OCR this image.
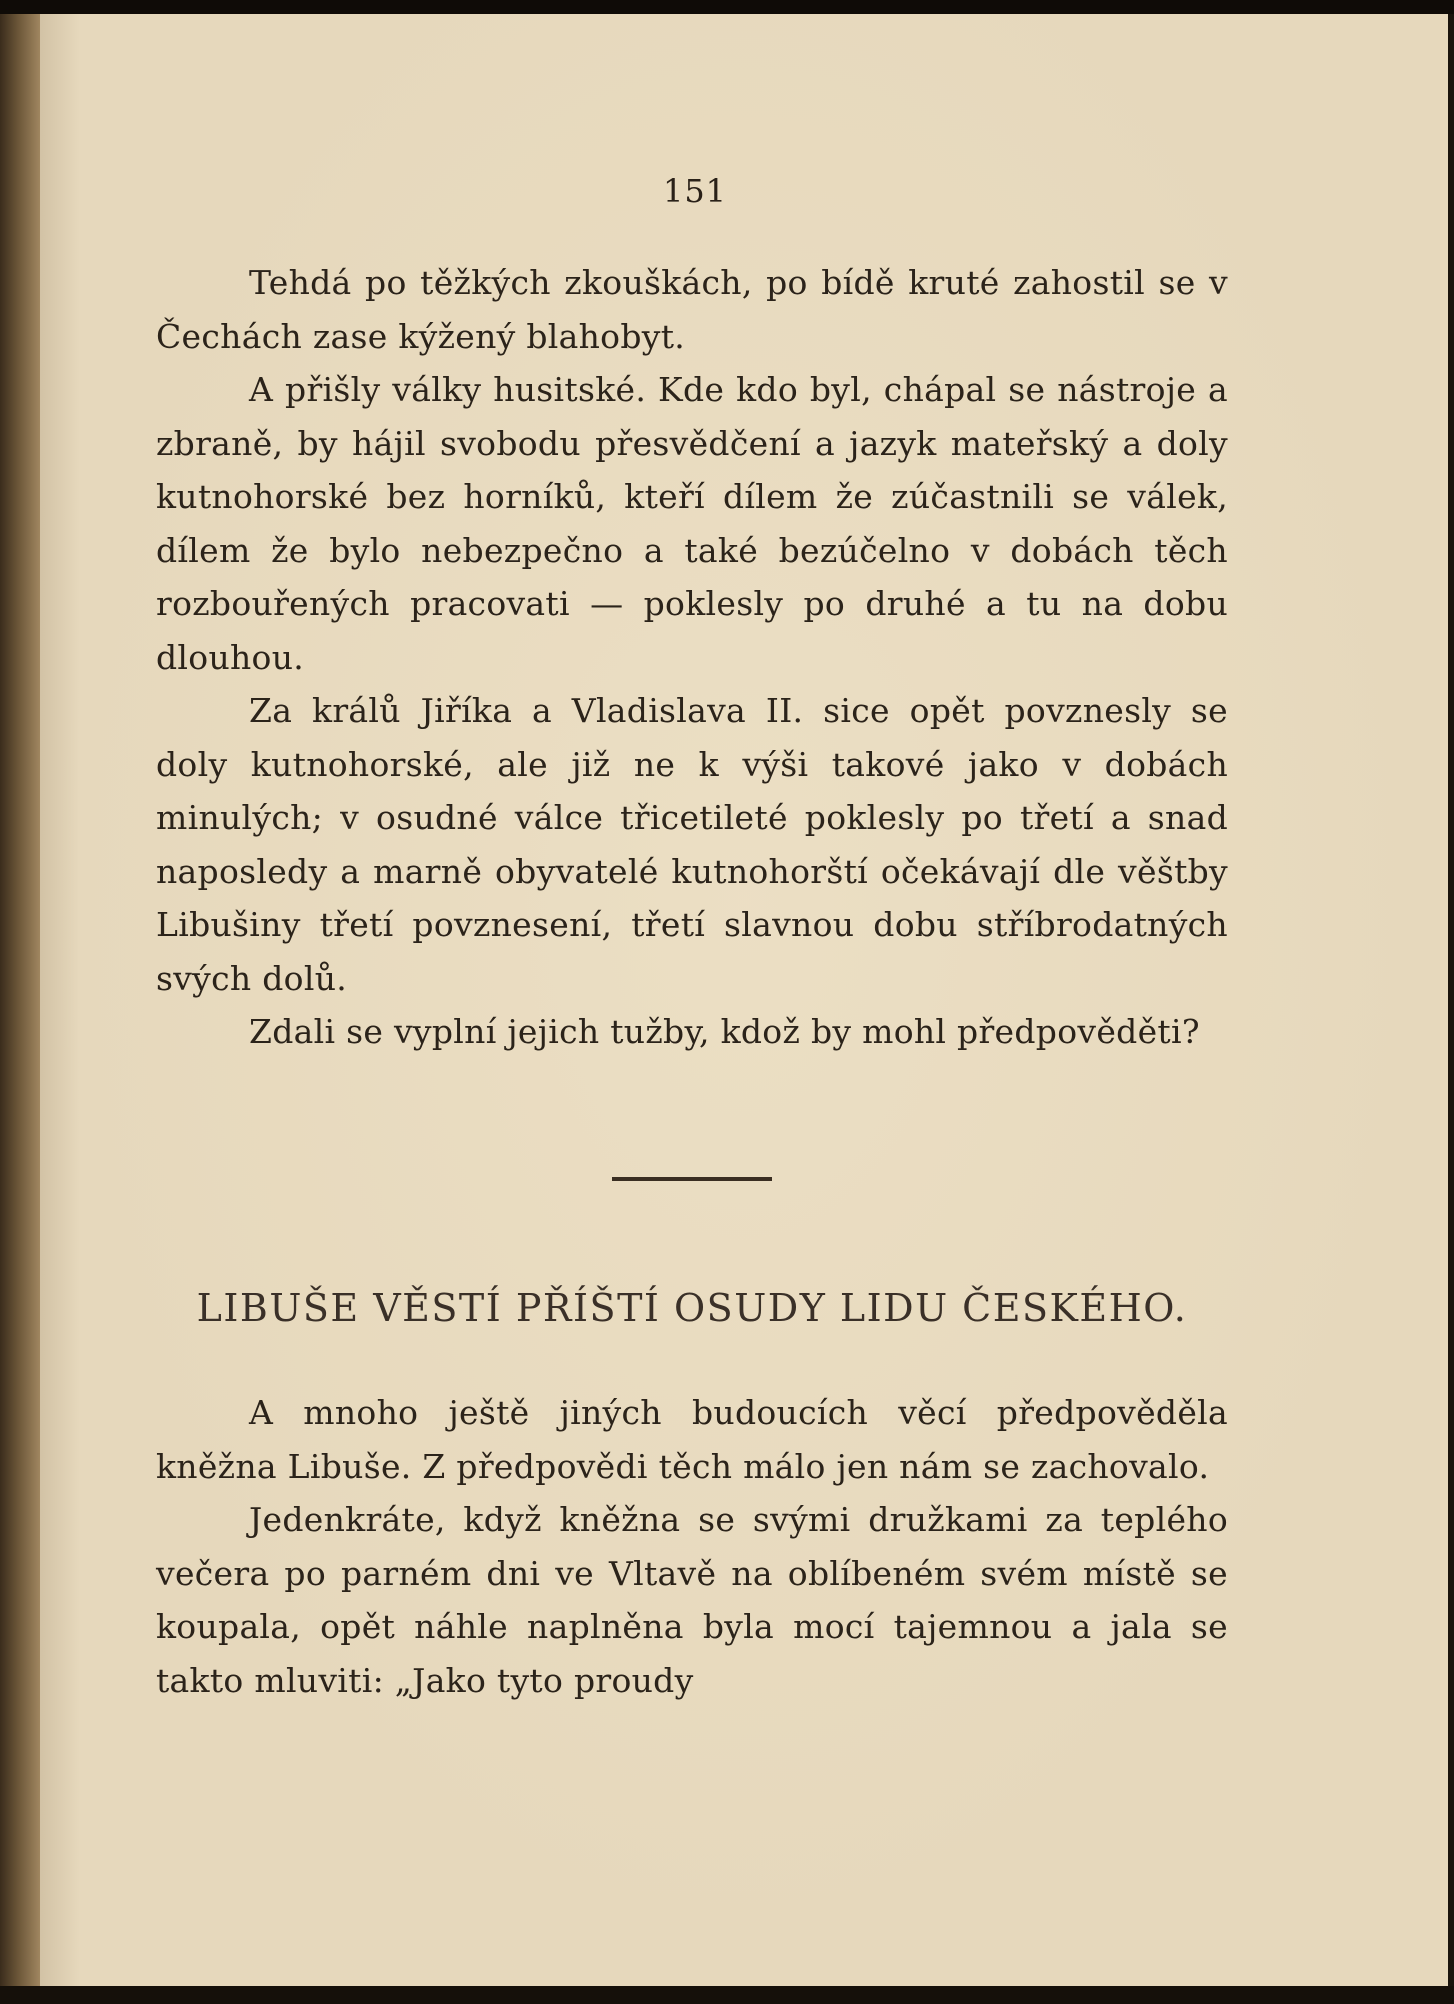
151

Tehdá po těžkých zkouškách, po bídě kruté zahostil se v Čechách zase kýžený blahobyt.

A přišly války husitské. Kde kdo byl, chápal se nástroje a zbraně, by hájil svobodu přesvědčení a jazyk mateřský a doly kutnohorské bez horníků, kteří dílem že zúčastnili se válek, dílem že bylo nebezpečno a také bezúčelno v dobách těch rozbouřených pracovati — poklesly po druhé a tu na dobu dlouhou.

Za králů Jiříka a Vladislava II. sice opět povznesly se doly kutnohorské, ale již ne k výši takové jako v dobách minulých; v osudné válce třicetileté poklesly po třetí a snad naposledy a marně obyvatelé kutnohorští očekávají dle věštby Libušiny třetí povznesení, třetí slavnou dobu stříbrodatných svých dolů.

Zdali se vyplní jejich tužby, kdož by mohl předpověděti?

LIBUŠE VĚSTÍ PŘÍŠTÍ OSUDY LIDU ČESKÉHO.

A mnoho ještě jiných budoucích věcí předpověděla kněžna Libuše. Z předpovědi těch málo jen nám se zachovalo.

Jedenkráte, když kněžna se svými družkami za teplého večera po parném dni ve Vltavě na oblíbeném svém místě se koupala, opět náhle naplněna byla mocí tajemnou a jala se takto mluviti: „Jako tyto proudy
